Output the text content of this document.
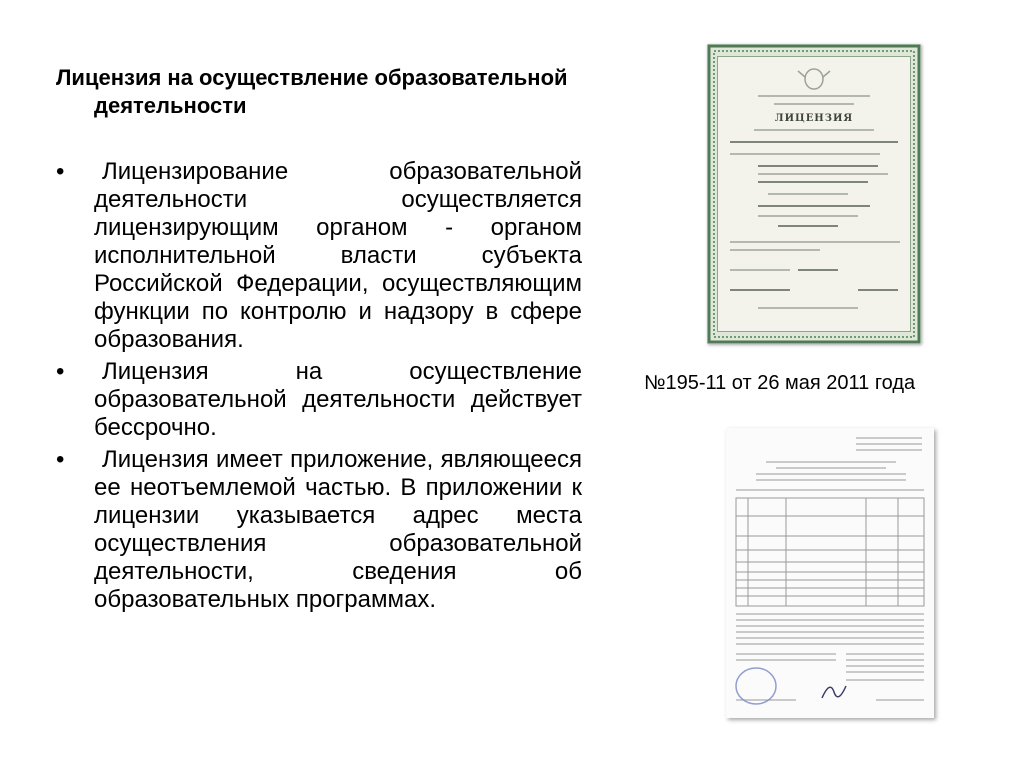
Лицензия на осуществление образовательной деятельности
•	Лицензирование образовательной деятельности осуществляется лицензирующим органом - органом исполнительной власти субъекта Российской Федерации, осуществляющим функции по контролю и надзору в сфере образования.
•	Лицензия на осуществление образовательной деятельности действует бессрочно.
•	Лицензия имеет приложение, являющееся ее неотъемлемой частью. В приложении к лицензии указывается адрес места осуществления образовательной деятельности, сведения об образовательных программах.
ЛИЦЕНЗИЯ
№195-11 от 26 мая 2011 года
